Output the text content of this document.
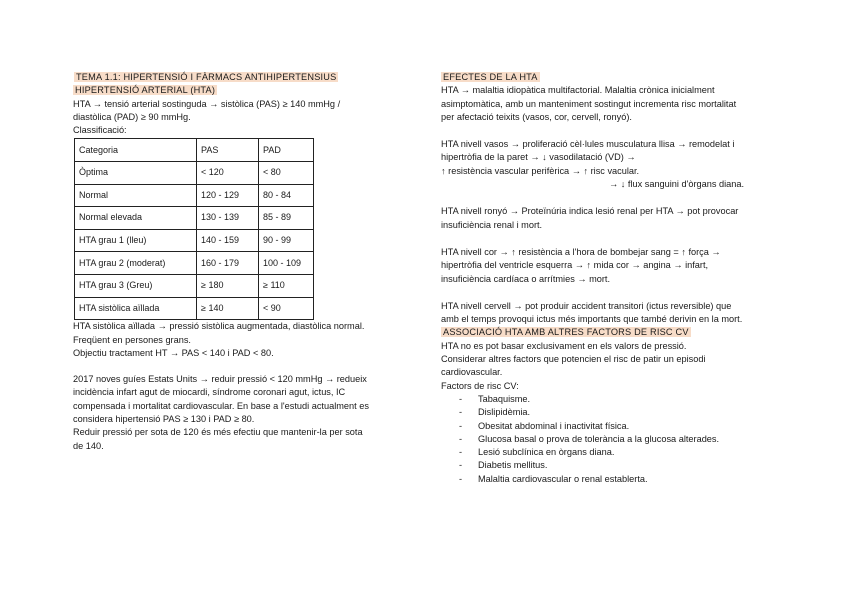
TEMA 1.1: HIPERTENSIÓ I FÀRMACS ANTIHIPERTENSIUS

HIPERTENSIÓ ARTERIAL (HTA)

HTA → tensió arterial sostinguda → sistòlica (PAS) ≥ 140 mmHg /

diastòlica (PAD) ≥ 90 mmHg.

Classificació:

Categoria	PAS	PAD
Òptima	< 120	< 80
Normal	120 - 129	80 - 84
Normal elevada	130 - 139	85 - 89
HTA grau 1 (lleu)	140 - 159	90 - 99
HTA grau 2 (moderat)	160 - 179	100 - 109
HTA grau 3 (Greu)	≥ 180	≥ 110
HTA sistòlica aïllada	≥ 140	< 90

HTA sistòlica aïllada → pressió sistòlica augmentada, diastòlica normal.

Freqüent en persones grans.

Objectiu tractament HT → PAS < 140 i PAD < 80.

2017 noves guíes Estats Units → reduir pressió < 120 mmHg → redueix

incidència infart agut de miocardi, síndrome coronari agut, ictus, IC

compensada i mortalitat cardiovascular. En base a l'estudi actualment es

considera hipertensió PAS ≥ 130 i PAD ≥ 80.

Reduir pressió per sota de 120 és més efectiu que mantenir-la per sota

de 140.

EFECTES DE LA HTA

HTA → malaltia idiopàtica multifactorial. Malaltia crònica inicialment

asimptomàtica, amb un manteniment sostingut incrementa risc mortalitat

per afectació teixits (vasos, cor, cervell, ronyó).

HTA nivell vasos → proliferació cèl·lules musculatura llisa → remodelat i

hipertròfia de la paret → ↓ vasodilatació (VD) →

↑ resistència vascular perifèrica → ↑ risc vacular.

→ ↓ flux sanguini d'òrgans diana.

HTA nivell ronyó → Proteïnúria indica lesió renal per HTA → pot provocar

insuficiència renal i mort.

HTA nivell cor → ↑ resistència a l'hora de bombejar sang = ↑ força →

hipertròfia del ventricle esquerra → ↑ mida cor → angina → infart,

insuficiència cardíaca o arrítmies → mort.

HTA nivell cervell → pot produir accident transitori (ictus reversible) que

amb el temps provoqui ictus més importants que també derivin en la mort.

ASSOCIACIÓ HTA AMB ALTRES FACTORS DE RISC CV

HTA no es pot basar exclusivament en els valors de pressió.

Considerar altres factors que potencien el risc de patir un episodi

cardiovascular.

Factors de risc CV:

- Tabaquisme.
- Dislipidèmia.
- Obesitat abdominal i inactivitat física.
- Glucosa basal o prova de tolerància a la glucosa alterades.
- Lesió subclínica en òrgans diana.
- Diabetis mellitus.
- Malaltia cardiovascular o renal establerta.
